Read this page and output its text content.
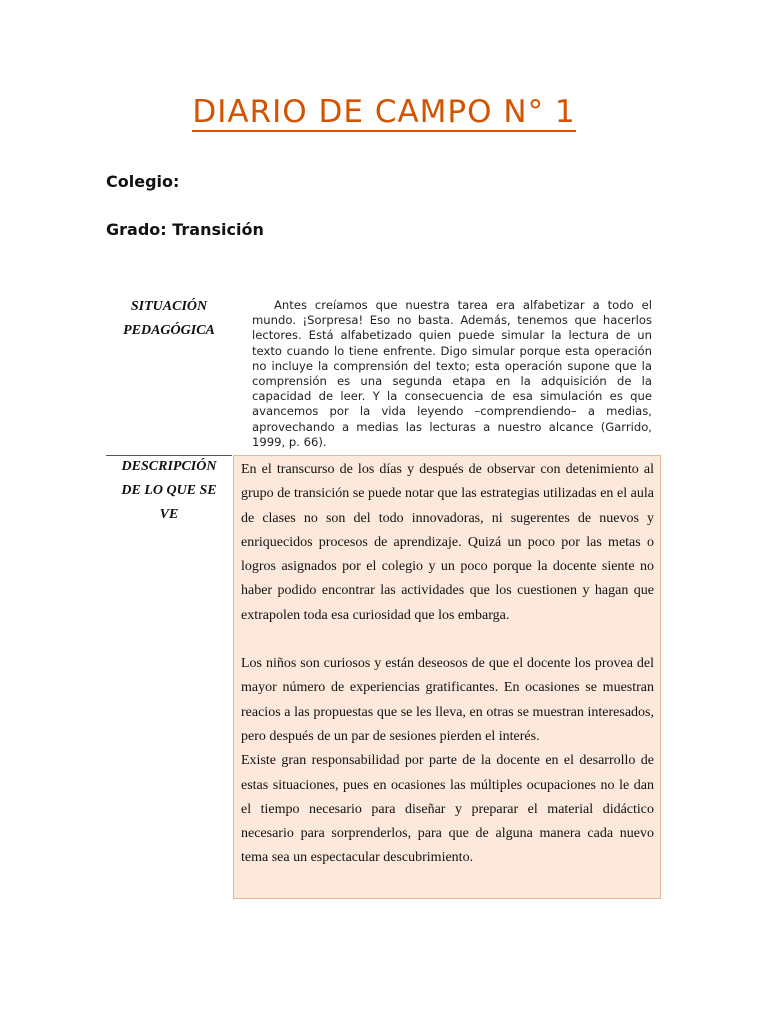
DIARIO DE CAMPO N° 1
Colegio:
Grado: Transición
SITUACIÓN
PEDAGÓGICA
Antes creíamos que nuestra tarea era alfabetizar a todo el mundo. ¡Sorpresa! Eso no basta. Además, tenemos que hacerlos lectores. Está alfabetizado quien puede simular la lectura de un texto cuando lo tiene enfrente. Digo simular porque esta operación no incluye la comprensión del texto; esta operación supone que la comprensión es una segunda etapa en la adquisición de la capacidad de leer. Y la consecuencia de esa simulación es que avancemos por la vida leyendo –comprendiendo– a medias, aprovechando a medias las lecturas a nuestro alcance (Garrido, 1999, p. 66).
DESCRIPCIÓN
DE LO QUE SE
VE

En el transcurso de los días y después de observar con detenimiento al grupo de transición se puede notar que las estrategias utilizadas en el aula de clases no son del todo innovadoras, ni sugerentes de nuevos y enriquecidos procesos de aprendizaje. Quizá un poco por las metas o logros asignados por el colegio y un poco porque la docente siente no haber podido encontrar las actividades que los cuestionen y hagan que extrapolen toda esa curiosidad que los embarga.

Los niños son curiosos y están deseosos de que el docente los provea del mayor número de experiencias gratificantes. En ocasiones se muestran reacios a las propuestas que se les lleva, en otras se muestran interesados, pero después de un par de sesiones pierden el interés.

Existe gran responsabilidad por parte de la docente en el desarrollo de estas situaciones, pues en ocasiones las múltiples ocupaciones no le dan el tiempo necesario para diseñar y preparar el material didáctico necesario para sorprenderlos, para que de alguna manera cada nuevo tema sea un espectacular descubrimiento.
